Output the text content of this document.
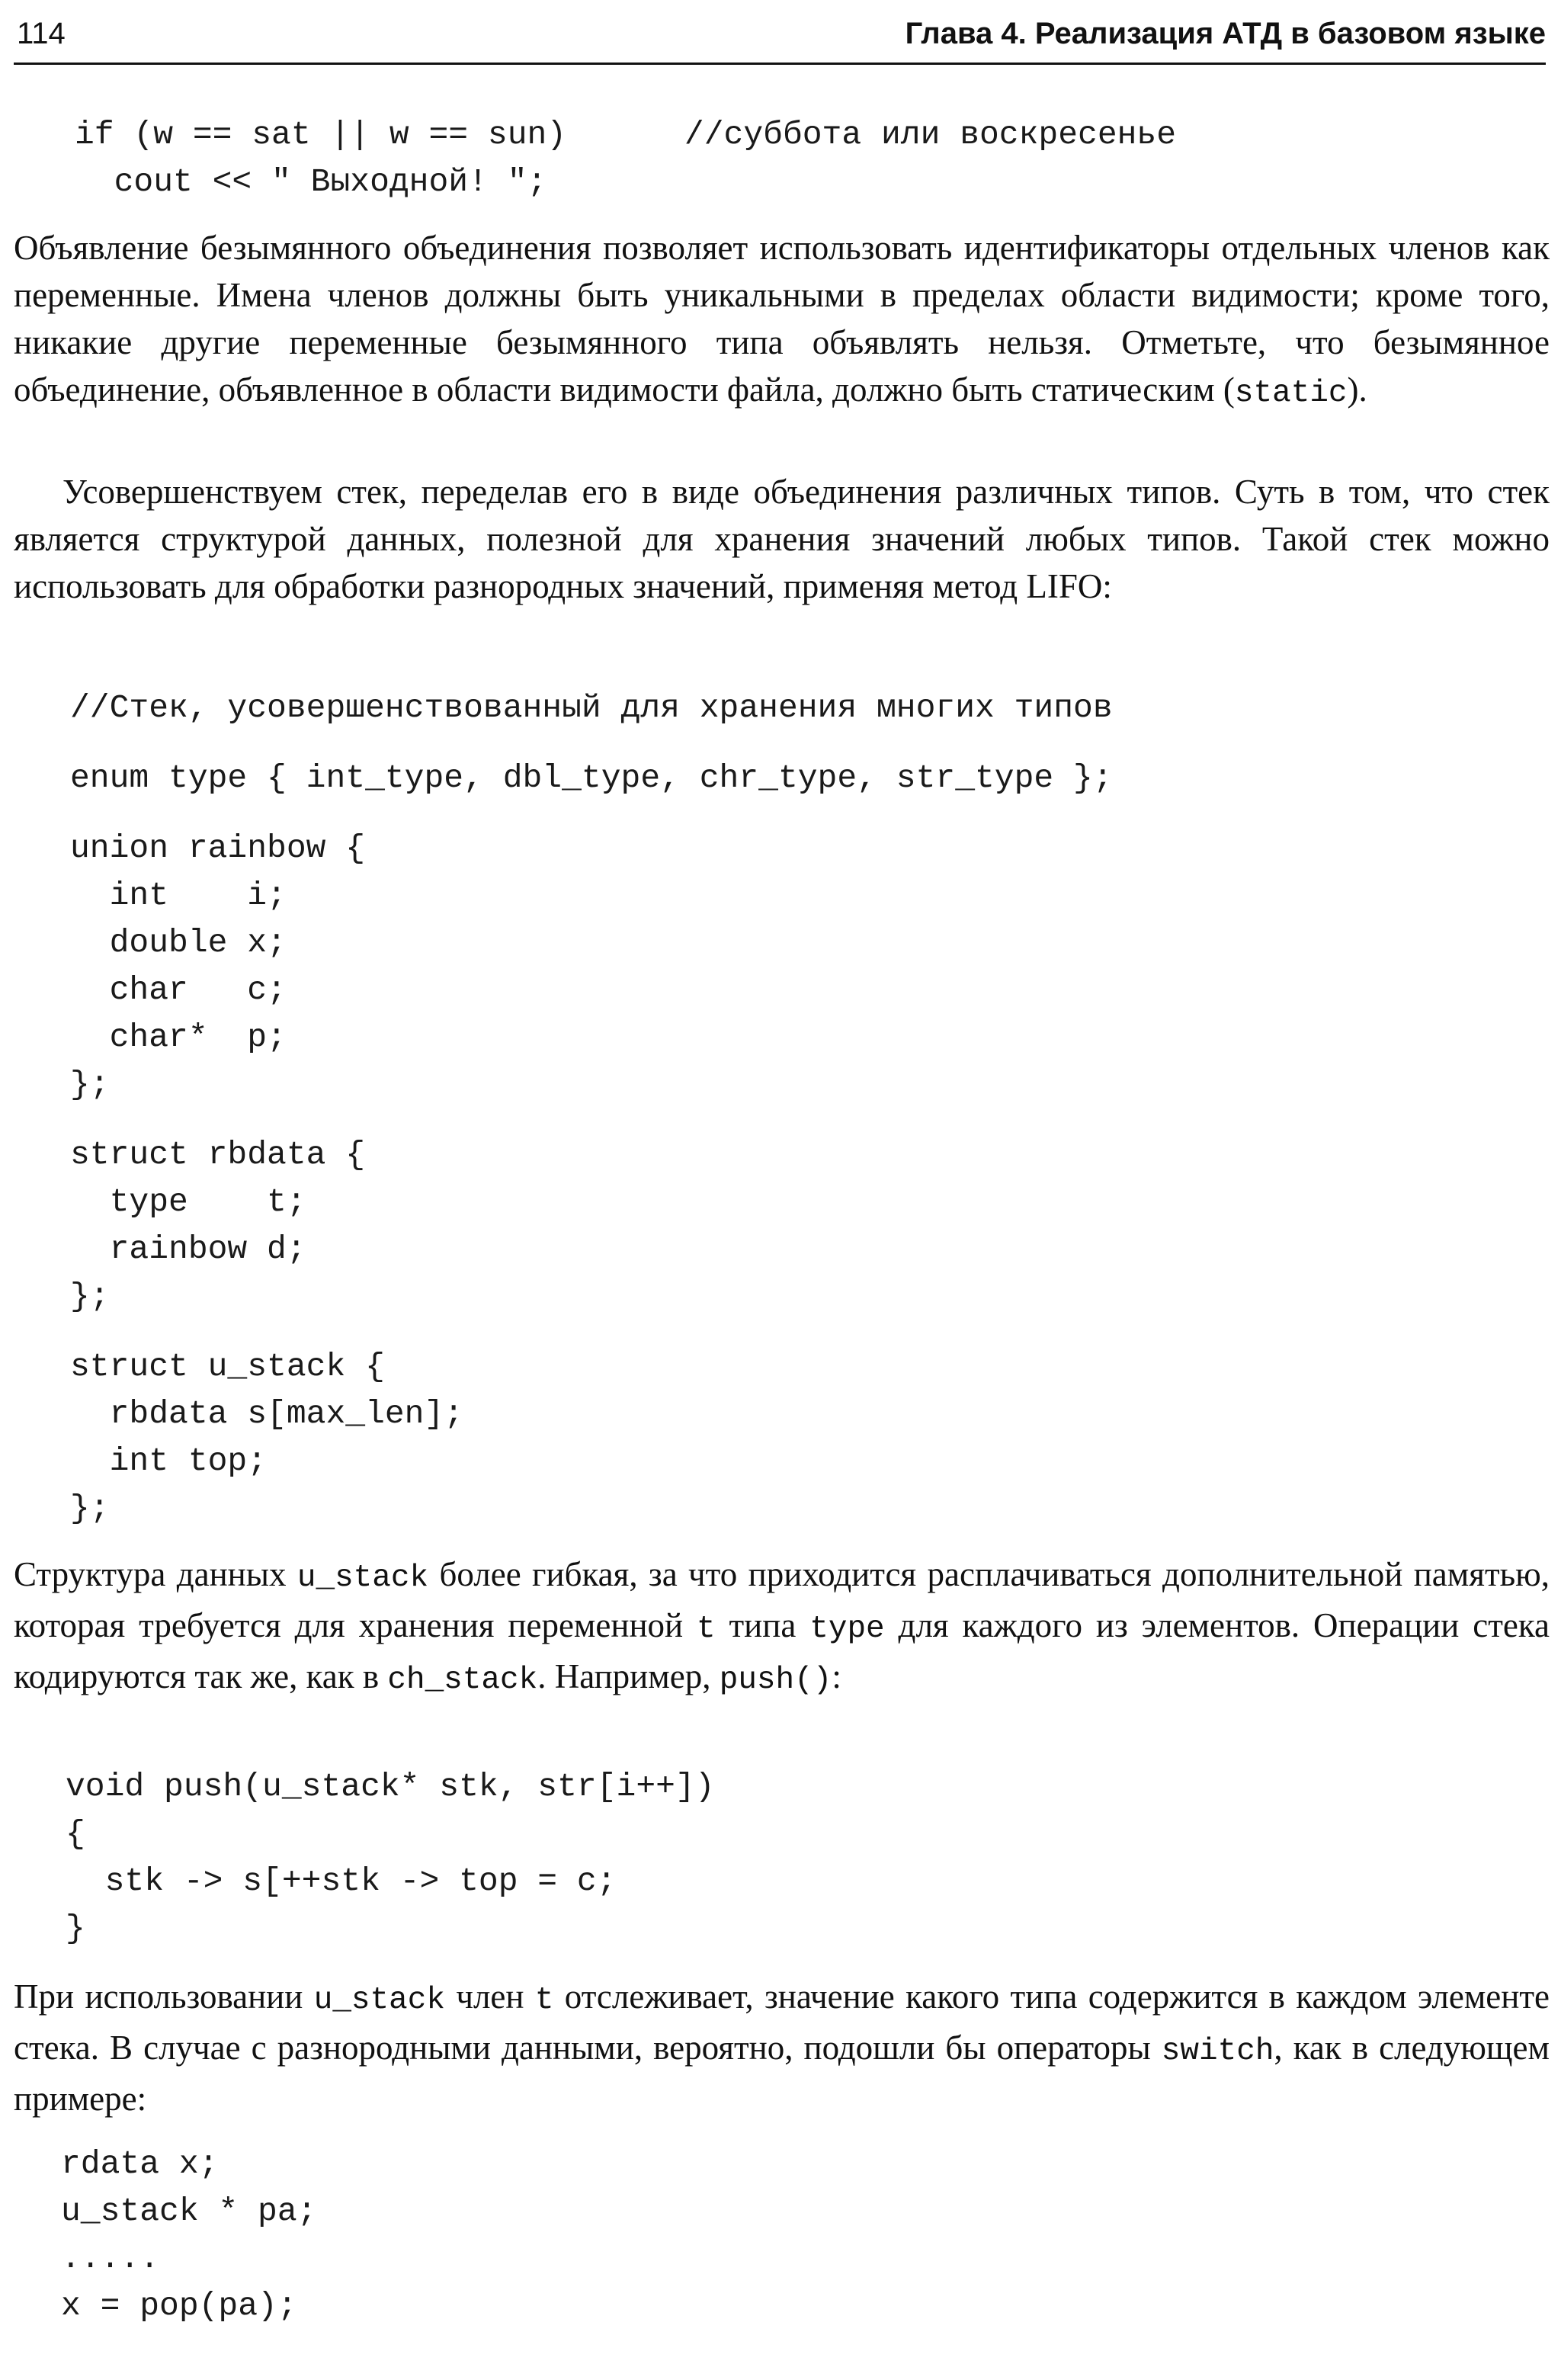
114	Глава 4. Реализация АТД в базовом языке
if (w == sat || w == sun)      //суббота или воскресенье
cout << " Выходной! ";

Объявление безымянного объединения позволяет использовать идентификаторы отдельных членов как переменные. Имена членов должны быть уникальными в пределах области видимости; кроме того, никакие другие переменные безымянного типа объявлять нельзя. Отметьте, что безымянное объединение, объявленное в области видимости файла, должно быть статическим (static).

Усовершенствуем стек, переделав его в виде объединения различных типов. Суть в том, что стек является структурой данных, полезной для хранения значений любых типов. Такой стек можно использовать для обработки разнородных значений, применяя метод LIFO:

//Стек, усовершенствованный для хранения многих типов
enum type { int_type, dbl_type, chr_type, str_type };
union rainbow {
int    i;
double x;
char   c;
char*  p;
};
struct rbdata {
type    t;
rainbow d;
};
struct u_stack {
rbdata s[max_len];
int top;
};

Структура данных u_stack более гибкая, за что приходится расплачиваться дополнительной памятью, которая требуется для хранения переменной t типа type для каждого из элементов. Операции стека кодируются так же, как в ch_stack. Например, push():

void push(u_stack* stk, str[i++])
{
stk -> s[++stk -> top = c;
}

При использовании u_stack член t отслеживает, значение какого типа содержится в каждом элементе стека. В случае с разнородными данными, вероятно, подошли бы операторы switch, как в следующем примере:

rdata x;
u_stack * pa;
.....
x = pop(pa);
